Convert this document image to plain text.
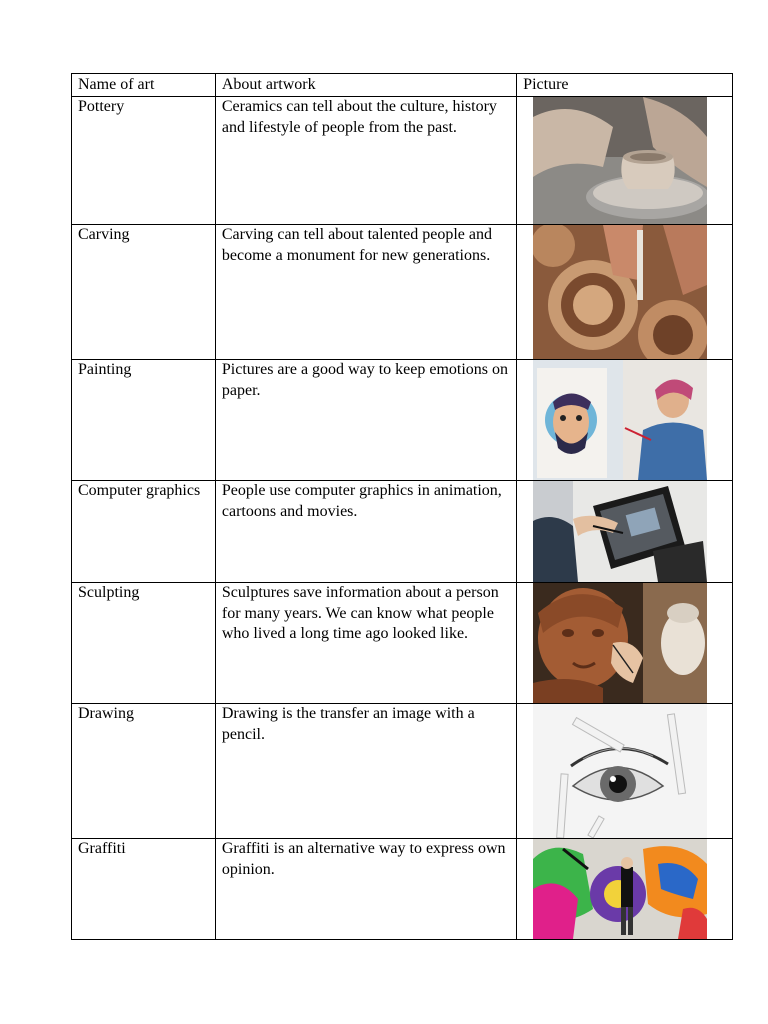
Name of art	About artwork	Picture
Pottery	Ceramics can tell about the culture, history and lifestyle of people from the past.	

Carving	Carving can tell about talented people and become a monument for new generations.	

Painting	Pictures are a good way to keep emotions on paper.	

Computer graphics	People use computer graphics in animation, cartoons and movies.	

Sculpting	Sculptures save information about a person for many years. We can know what people who lived a long time ago looked like.	

Drawing	Drawing is the transfer an image with a pencil.	

Graffiti	Graffiti is an alternative way to express own opinion.	
